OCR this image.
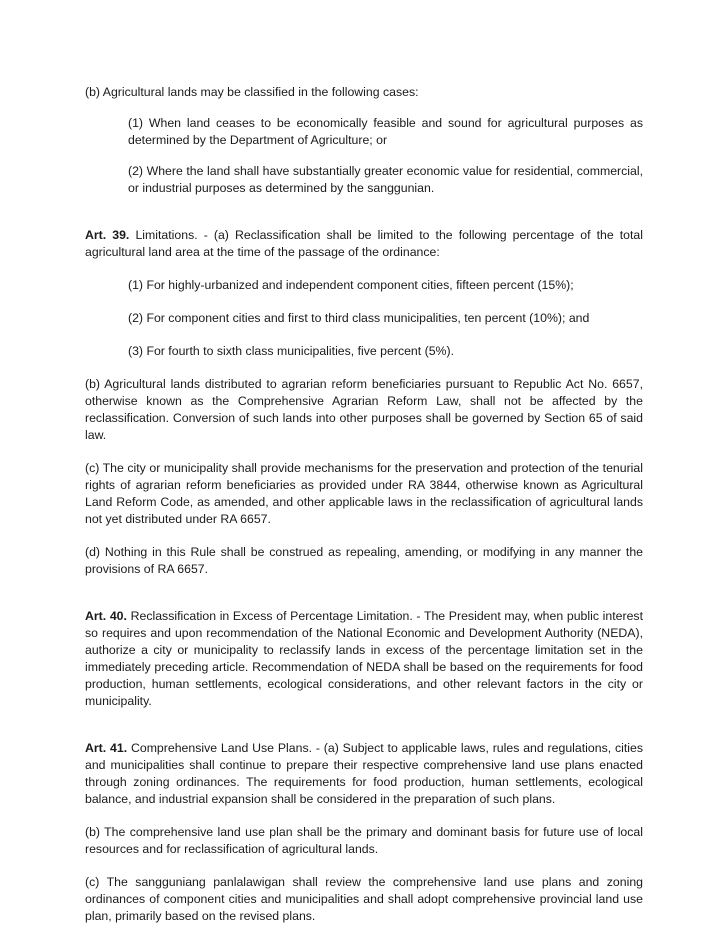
(b) Agricultural lands may be classified in the following cases:

(1) When land ceases to be economically feasible and sound for agricultural purposes as determined by the Department of Agriculture; or

(2) Where the land shall have substantially greater economic value for residential, commercial, or industrial purposes as determined by the sanggunian.

Art. 39. Limitations. - (a) Reclassification shall be limited to the following percentage of the total agricultural land area at the time of the passage of the ordinance:

(1) For highly-urbanized and independent component cities, fifteen percent (15%);

(2) For component cities and first to third class municipalities, ten percent (10%); and

(3) For fourth to sixth class municipalities, five percent (5%).

(b) Agricultural lands distributed to agrarian reform beneficiaries pursuant to Republic Act No. 6657, otherwise known as the Comprehensive Agrarian Reform Law, shall not be affected by the reclassification. Conversion of such lands into other purposes shall be governed by Section 65 of said law.

(c) The city or municipality shall provide mechanisms for the preservation and protection of the tenurial rights of agrarian reform beneficiaries as provided under RA 3844, otherwise known as Agricultural Land Reform Code, as amended, and other applicable laws in the reclassification of agricultural lands not yet distributed under RA 6657.

(d) Nothing in this Rule shall be construed as repealing, amending, or modifying in any manner the provisions of RA 6657.

Art. 40. Reclassification in Excess of Percentage Limitation. - The President may, when public interest so requires and upon recommendation of the National Economic and Development Authority (NEDA), authorize a city or municipality to reclassify lands in excess of the percentage limitation set in the immediately preceding article. Recommendation of NEDA shall be based on the requirements for food production, human settlements, ecological considerations, and other relevant factors in the city or municipality.

Art. 41. Comprehensive Land Use Plans. - (a) Subject to applicable laws, rules and regulations, cities and municipalities shall continue to prepare their respective comprehensive land use plans enacted through zoning ordinances. The requirements for food production, human settlements, ecological balance, and industrial expansion shall be considered in the preparation of such plans.

(b) The comprehensive land use plan shall be the primary and dominant basis for future use of local resources and for reclassification of agricultural lands.

(c) The sangguniang panlalawigan shall review the comprehensive land use plans and zoning ordinances of component cities and municipalities and shall adopt comprehensive provincial land use plan, primarily based on the revised plans.
